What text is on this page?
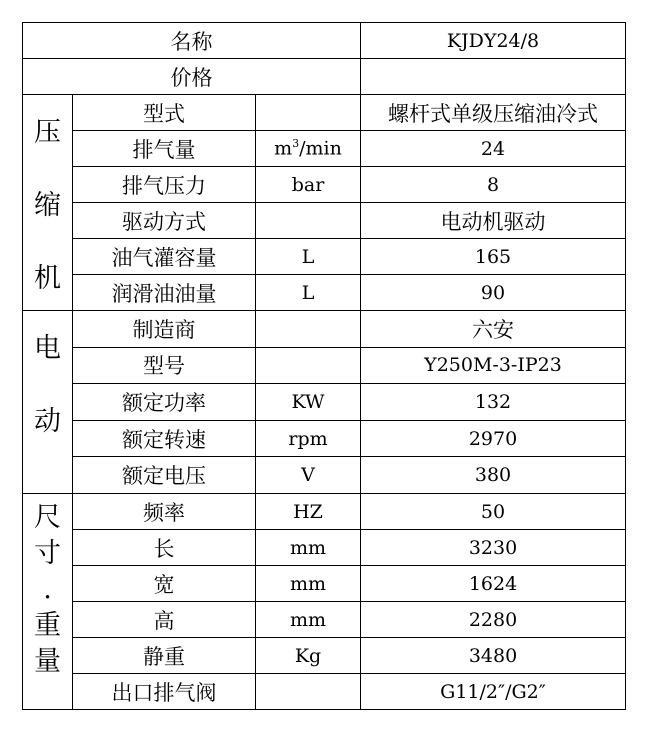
名称			KJDY24/8
价格			

压
缩
机	型式		螺杆式单级压缩油冷式
	排气量	$m^3/\min$	24
	排气压力	bar	8
	驱动方式		电动机驱动
	油气灌容量	L	165
	润滑油油量	L	90

电
动	制造商		六安
	型号		Y250M-3-IP23
	额定功率	KW	132
	额定转速	rpm	2970
	额定电压	V	380

尺
寸
.
重
量	频率	HZ	50
	长	mm	3230
	宽	mm	1624
	高	mm	2280
	静重	Kg	3480
	出口排气阀		G11/2″/G2″
